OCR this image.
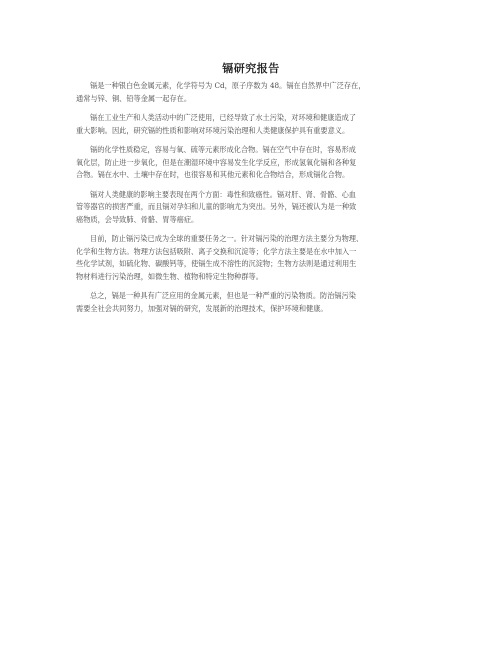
镉研究报告

镉是一种银白色金属元素，化学符号为 Cd，原子序数为 48。镉在自然界中广泛存在，
通常与锌、铜、铅等金属一起存在。

镉在工业生产和人类活动中的广泛使用，已经导致了水土污染，对环境和健康造成了
重大影响。因此，研究镉的性质和影响对环境污染治理和人类健康保护具有重要意义。

镉的化学性质稳定，容易与氧、硫等元素形成化合物。镉在空气中存在时，容易形成
氧化层，防止进一步氧化，但是在潮湿环境中容易发生化学反应，形成氢氧化镉和各种复
合物。镉在水中、土壤中存在时，也很容易和其他元素和化合物结合，形成镉化合物。

镉对人类健康的影响主要表现在两个方面：毒性和致癌性。镉对肝、肾、骨骼、心血
管等器官的损害严重，而且镉对孕妇和儿童的影响尤为突出。另外，镉还被认为是一种致
癌物质，会导致肺、骨骼、胃等癌症。

目前，防止镉污染已成为全球的重要任务之一。针对镉污染的治理方法主要分为物理、
化学和生物方法。物理方法包括吸附、离子交换和沉淀等；化学方法主要是在水中加入一
些化学试剂，如硫化物、碳酸钙等，使镉生成不溶性的沉淀物；生物方法则是通过利用生
物材料进行污染治理，如微生物、植物和特定生物种群等。

总之，镉是一种具有广泛应用的金属元素，但也是一种严重的污染物质。防治镉污染
需要全社会共同努力，加强对镉的研究，发展新的治理技术，保护环境和健康。
